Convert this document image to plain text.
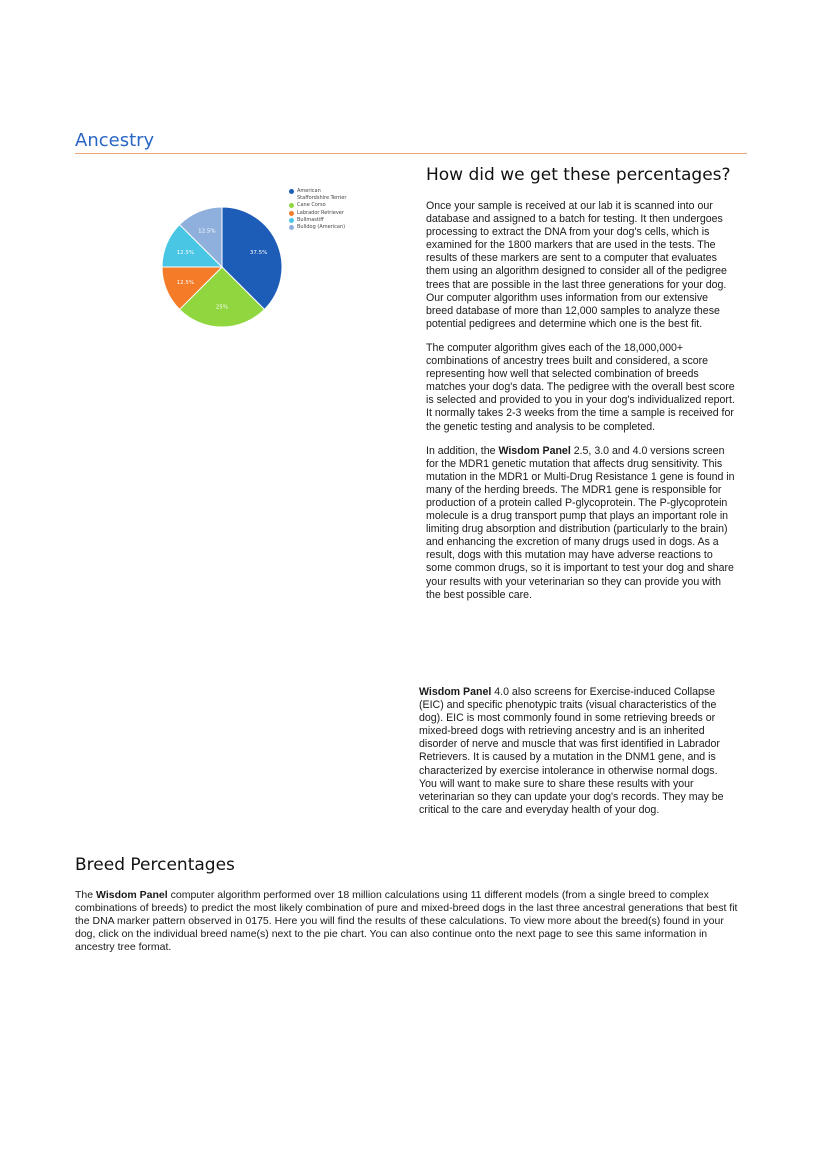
Ancestry
37.5%
25%
12.5%
12.5%
12.5%
American
Staffordshire Terrier
Cane Corso
Labrador Retriever
Bullmastiff
Bulldog (American)
How did we get these percentages?

Once your sample is received at our lab it is scanned into our database and assigned to a batch for testing. It then undergoes processing to extract the DNA from your dog's cells, which is examined for the 1800 markers that are used in the tests. The results of these markers are sent to a computer that evaluates them using an algorithm designed to consider all of the pedigree trees that are possible in the last three generations for your dog. Our computer algorithm uses information from our extensive breed database of more than 12,000 samples to analyze these potential pedigrees and determine which one is the best fit.

The computer algorithm gives each of the 18,000,000+ combinations of ancestry trees built and considered, a score representing how well that selected combination of breeds matches your dog's data. The pedigree with the overall best score is selected and provided to you in your dog's individualized report. It normally takes 2-3 weeks from the time a sample is received for the genetic testing and analysis to be completed.

In addition, the Wisdom Panel 2.5, 3.0 and 4.0 versions screen for the MDR1 genetic mutation that affects drug sensitivity. This mutation in the MDR1 or Multi-Drug Resistance 1 gene is found in many of the herding breeds. The MDR1 gene is responsible for production of a protein called P-glycoprotein. The P-glycoprotein molecule is a drug transport pump that plays an important role in limiting drug absorption and distribution (particularly to the brain) and enhancing the excretion of many drugs used in dogs. As a result, dogs with this mutation may have adverse reactions to some common drugs, so it is important to test your dog and share your results with your veterinarian so they can provide you with the best possible care.

Wisdom Panel 4.0 also screens for Exercise-induced Collapse (EIC) and specific phenotypic traits (visual characteristics of the dog). EIC is most commonly found in some retrieving breeds or mixed-breed dogs with retrieving ancestry and is an inherited disorder of nerve and muscle that was first identified in Labrador Retrievers. It is caused by a mutation in the DNM1 gene, and is characterized by exercise intolerance in otherwise normal dogs. You will want to make sure to share these results with your veterinarian so they can update your dog's records. They may be critical to the care and everyday health of your dog.

Breed Percentages

The Wisdom Panel computer algorithm performed over 18 million calculations using 11 different models (from a single breed to complex combinations of breeds) to predict the most likely combination of pure and mixed-breed dogs in the last three ancestral generations that best fit the DNA marker pattern observed in 0175. Here you will find the results of these calculations. To view more about the breed(s) found in your dog, click on the individual breed name(s) next to the pie chart. You can also continue onto the next page to see this same information in ancestry tree format.
